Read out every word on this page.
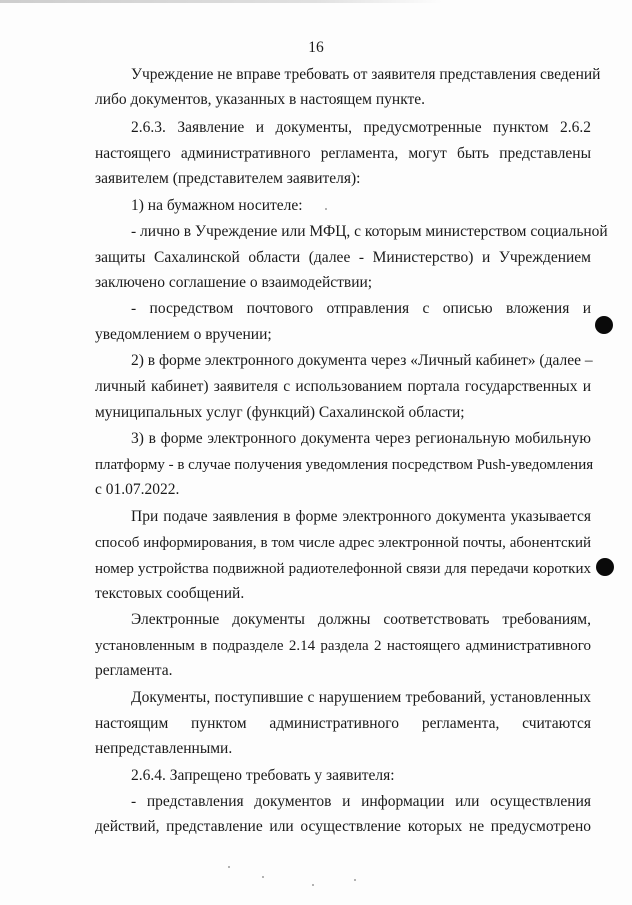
16
Учреждение не вправе требовать от заявителя представления сведений
либо документов, указанных в настоящем пункте.
2.6.3. Заявление и документы, предусмотренные пунктом 2.6.2
настоящего административного регламента, могут быть представлены
заявителем (представителем заявителя):
1) на бумажном носителе:
- лично в Учреждение или МФЦ, с которым министерством социальной
защиты Сахалинской области (далее - Министерство) и Учреждением
заключено соглашение о взаимодействии;
- посредством почтового отправления с описью вложения и
уведомлением о вручении;
2) в форме электронного документа через «Личный кабинет» (далее –
личный кабинет) заявителя с использованием портала государственных и
муниципальных услуг (функций) Сахалинской области;
3) в форме электронного документа через региональную мобильную
платформу - в случае получения уведомления посредством Push-уведомления
с 01.07.2022.
При подаче заявления в форме электронного документа указывается
способ информирования, в том числе адрес электронной почты, абонентский
номер устройства подвижной радиотелефонной связи для передачи коротких
текстовых сообщений.
Электронные документы должны соответствовать требованиям,
установленным в подразделе 2.14 раздела 2 настоящего административного
регламента.
Документы, поступившие с нарушением требований, установленных
настоящим пунктом административного регламента, считаются
непредставленными.
2.6.4. Запрещено требовать у заявителя:
- представления документов и информации или осуществления
действий, представление или осуществление которых не предусмотрено
